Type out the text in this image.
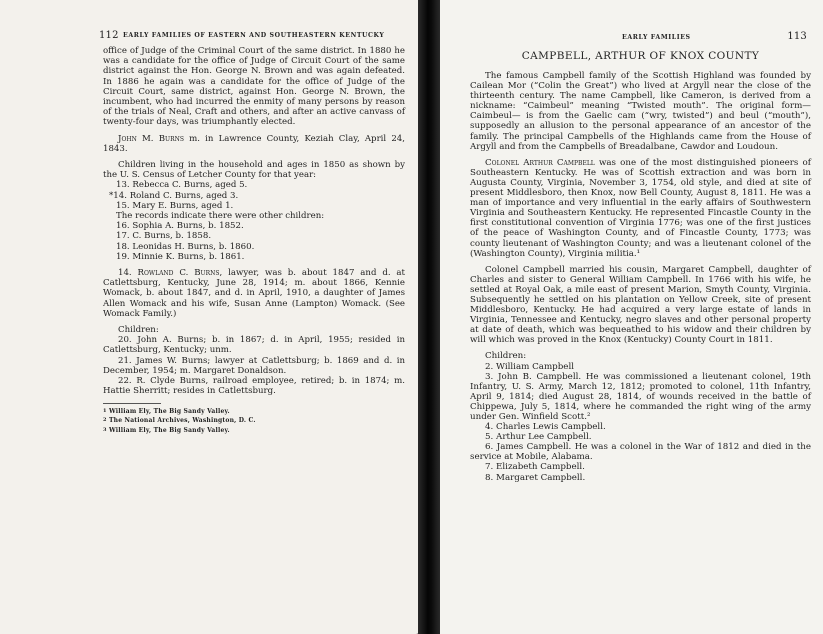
112 EARLY FAMILIES OF EASTERN AND SOUTHEASTERN KENTUCKY

office of Judge of the Criminal Court of the same district. In 1880 he was a candidate for the office of Judge of Circuit Court of the same district against the Hon. George N. Brown and was again defeated. In 1886 he again was a candidate for the office of Judge of the Circuit Court, same district, against Hon. George N. Brown, the incumbent, who had incurred the enmity of many persons by reason of the trials of Neal, Craft and others, and after an active canvass of twenty-four days, was triumphantly elected.

John M. Burns m. in Lawrence County, Keziah Clay, April 24, 1843.

Children living in the household and ages in 1850 as shown by the U. S. Census of Letcher County for that year:

13. Rebecca C. Burns, aged 5.

*14. Roland C. Burns, aged 3.

15. Mary E. Burns, aged 1.

The records indicate there were other children:

16. Sophia A. Burns, b. 1852.

17. C. Burns, b. 1858.

18. Leonidas H. Burns, b. 1860.

19. Minnie K. Burns, b. 1861.

14. Rowland C. Burns, lawyer, was b. about 1847 and d. at Catlettsburg, Kentucky, June 28, 1914; m. about 1866, Kennie Womack, b. about 1847, and d. in April, 1910, a daughter of James Allen Womack and his wife, Susan Anne (Lampton) Womack. (See Womack Family.)

Children:

20. John A. Burns; b. in 1867; d. in April, 1955; resided in Catlettsburg, Kentucky; unm.

21. James W. Burns; lawyer at Catlettsburg; b. 1869 and d. in December, 1954; m. Margaret Donaldson.

22. R. Clyde Burns, railroad employee, retired; b. in 1874; m. Hattie Sherritt; resides in Catlettsburg.

1 William Ely, The Big Sandy Valley.
2 The National Archives, Washington, D. C.
3 William Ely, The Big Sandy Valley.
EARLY FAMILIES	113
CAMPBELL, ARTHUR OF KNOX COUNTY

The famous Campbell family of the Scottish Highland was founded by Cailean Mor (“Colin the Great”) who lived at Argyll near the close of the thirteenth century. The name Campbell, like Cameron, is derived from a nickname: “Caimbeul” meaning “Twisted mouth”. The original form—Caimbeul— is from the Gaelic cam (“wry, twisted”) and beul (“mouth”), supposedly an allusion to the personal appearance of an ancestor of the family. The principal Campbells of the Highlands came from the House of Argyll and from the Campbells of Breadalbane, Cawdor and Loudoun.

Colonel Arthur Campbell was one of the most distinguished pioneers of Southeastern Kentucky. He was of Scottish extraction and was born in Augusta County, Virginia, November 3, 1754, old style, and died at site of present Middlesboro, then Knox, now Bell County, August 8, 1811. He was a man of importance and very influential in the early affairs of Southwestern Virginia and Southeastern Kentucky. He represented Fincastle County in the first constitutional convention of Virginia 1776; was one of the first justices of the peace of Washington County, and of Fincastle County, 1773; was county lieutenant of Washington County; and was a lieutenant colonel of the (Washington County), Virginia militia.¹

Colonel Campbell married his cousin, Margaret Campbell, daughter of Charles and sister to General William Campbell. In 1766 with his wife, he settled at Royal Oak, a mile east of present Marion, Smyth County, Virginia. Subsequently he settled on his plantation on Yellow Creek, site of present Middlesboro, Kentucky. He had acquired a very large estate of lands in Virginia, Tennessee and Kentucky, negro slaves and other personal property at date of death, which was bequeathed to his widow and their children by will which was proved in the Knox (Kentucky) County Court in 1811.

Children:

2. William Campbell

3. John B. Campbell. He was commissioned a lieutenant colonel, 19th Infantry, U. S. Army, March 12, 1812; promoted to colonel, 11th Infantry, April 9, 1814; died August 28, 1814, of wounds received in the battle of Chippewa, July 5, 1814, where he commanded the right wing of the army under Gen. Winfield Scott.²

4. Charles Lewis Campbell.

5. Arthur Lee Campbell.

6. James Campbell. He was a colonel in the War of 1812 and died in the service at Mobile, Alabama.

7. Elizabeth Campbell.

8. Margaret Campbell.
